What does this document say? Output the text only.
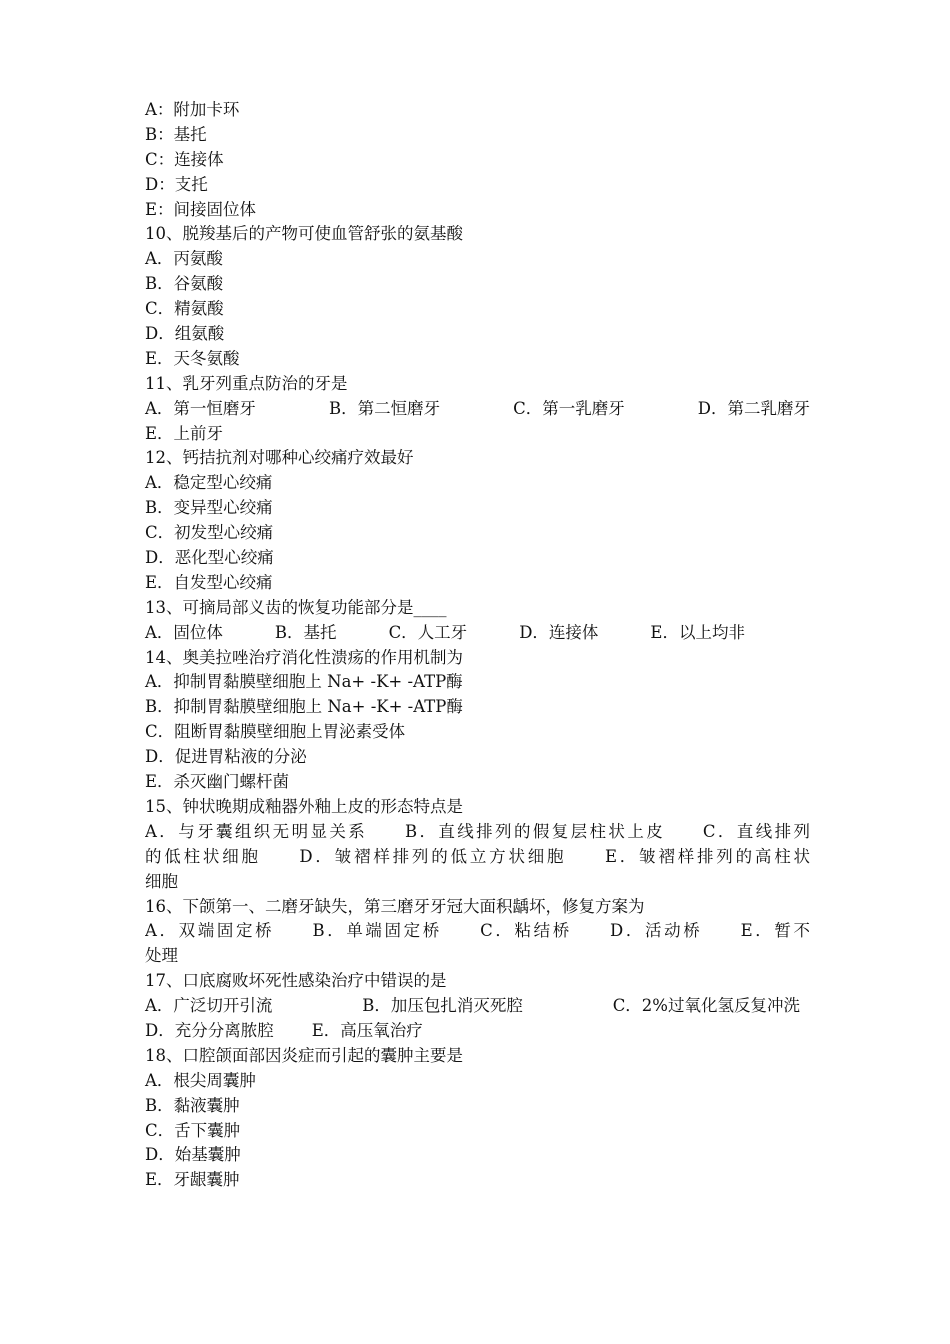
A：附加卡环
B：基托
C：连接体
D：支托
E：间接固位体
10、脱羧基后的产物可使血管舒张的氨基酸
A．丙氨酸
B．谷氨酸
C．精氨酸
D．组氨酸
E．天冬氨酸
11、乳牙列重点防治的牙是
A．第一恒磨牙	B．第二恒磨牙	C．第一乳磨牙	D．第二乳磨牙
E．上前牙
12、钙拮抗剂对哪种心绞痛疗效最好
A．稳定型心绞痛
B．变异型心绞痛
C．初发型心绞痛
D．恶化型心绞痛
E．自发型心绞痛
13、可摘局部义齿的恢复功能部分是____
A．固位体	B．基托	C．人工牙	D．连接体	E．以上均非
14、奥美拉唑治疗消化性溃疡的作用机制为
A．抑制胃黏膜壁细胞上 Na+ -K+ -ATP酶
B．抑制胃黏膜壁细胞上 Na+ -K+ -ATP酶
C．阻断胃黏膜壁细胞上胃泌素受体
D．促进胃粘液的分泌
E．杀灭幽门螺杆菌
15、钟状晚期成釉器外釉上皮的形态特点是
A．与牙囊组织无明显关系　　B．直线排列的假复层柱状上皮　　C．直线排列
的低柱状细胞　　D．皱褶样排列的低立方状细胞　　E．皱褶样排列的高柱状
细胞
16、下颌第一、二磨牙缺失，第三磨牙牙冠大面积龋坏，修复方案为
A．双端固定桥　　B．单端固定桥　　C．粘结桥　　D．活动桥　　E．暂不
处理
17、口底腐败坏死性感染治疗中错误的是
A．广泛切开引流	B．加压包扎消灭死腔	C．2%过氧化氢反复冲洗
D．充分分离脓腔 E．高压氧治疗
18、口腔颌面部因炎症而引起的囊肿主要是
A．根尖周囊肿
B．黏液囊肿
C．舌下囊肿
D．始基囊肿
E．牙龈囊肿
